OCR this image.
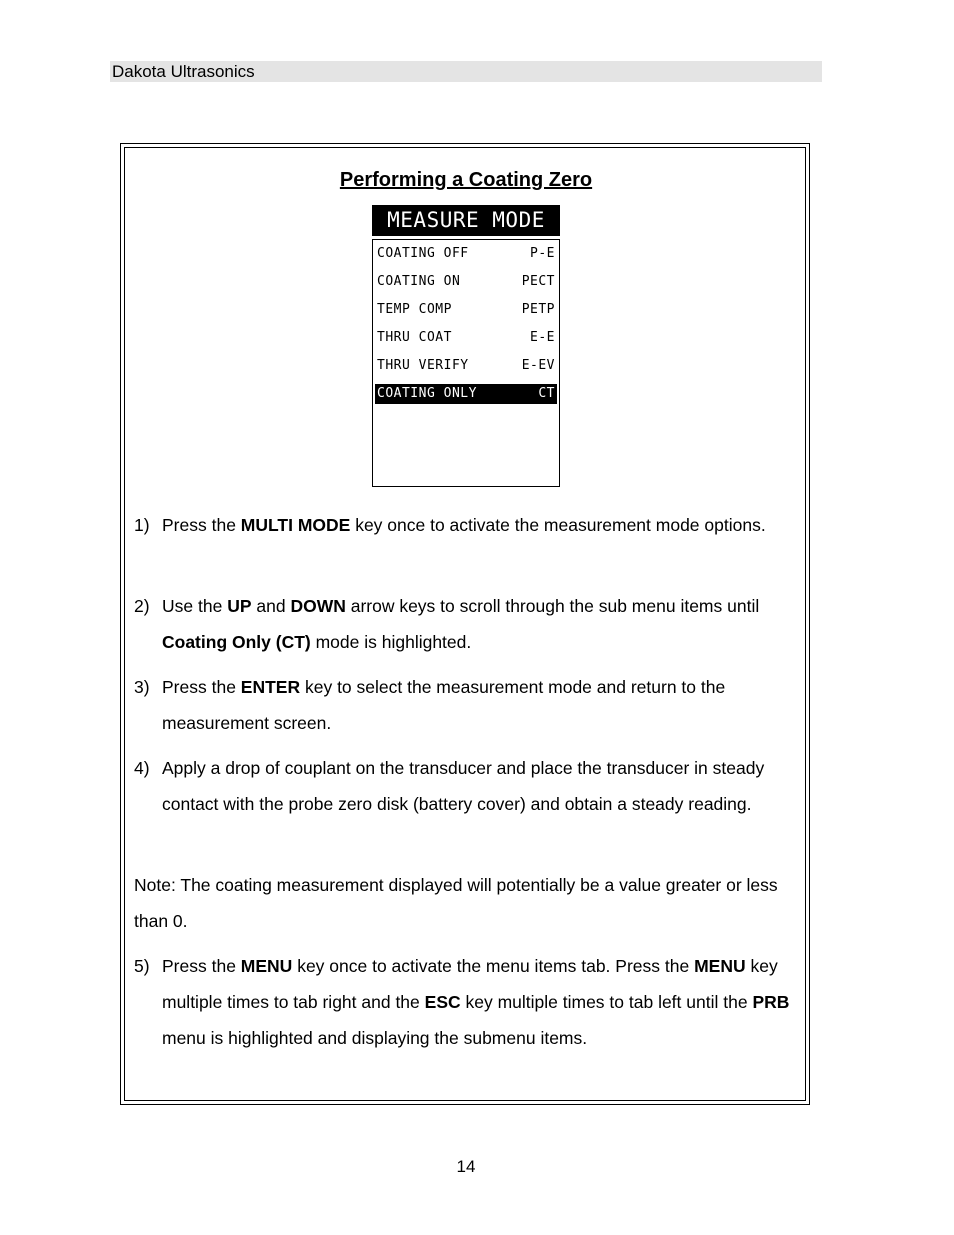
Dakota Ultrasonics
Performing a Coating Zero
MEASURE MODE
COATING OFF	P-E
COATING ON	PECT
TEMP COMP	PETP
THRU COAT	E-E
THRU VERIFY	E-EV
COATING ONLY	CT
1) Press the MULTI MODE key once to activate the measurement mode options.
2) Use the UP and DOWN arrow keys to scroll through the sub menu items until Coating Only (CT) mode is highlighted.
3) Press the ENTER key to select the measurement mode and return to the measurement screen.
4) Apply a drop of couplant on the transducer and place the transducer in steady contact with the probe zero disk (battery cover) and obtain a steady reading.
Note: The coating measurement displayed will potentially be a value greater or less than 0.
5) Press the MENU key once to activate the menu items tab. Press the MENU key multiple times to tab right and the ESC key multiple times to tab left until the PRB menu is highlighted and displaying the submenu items.
14
